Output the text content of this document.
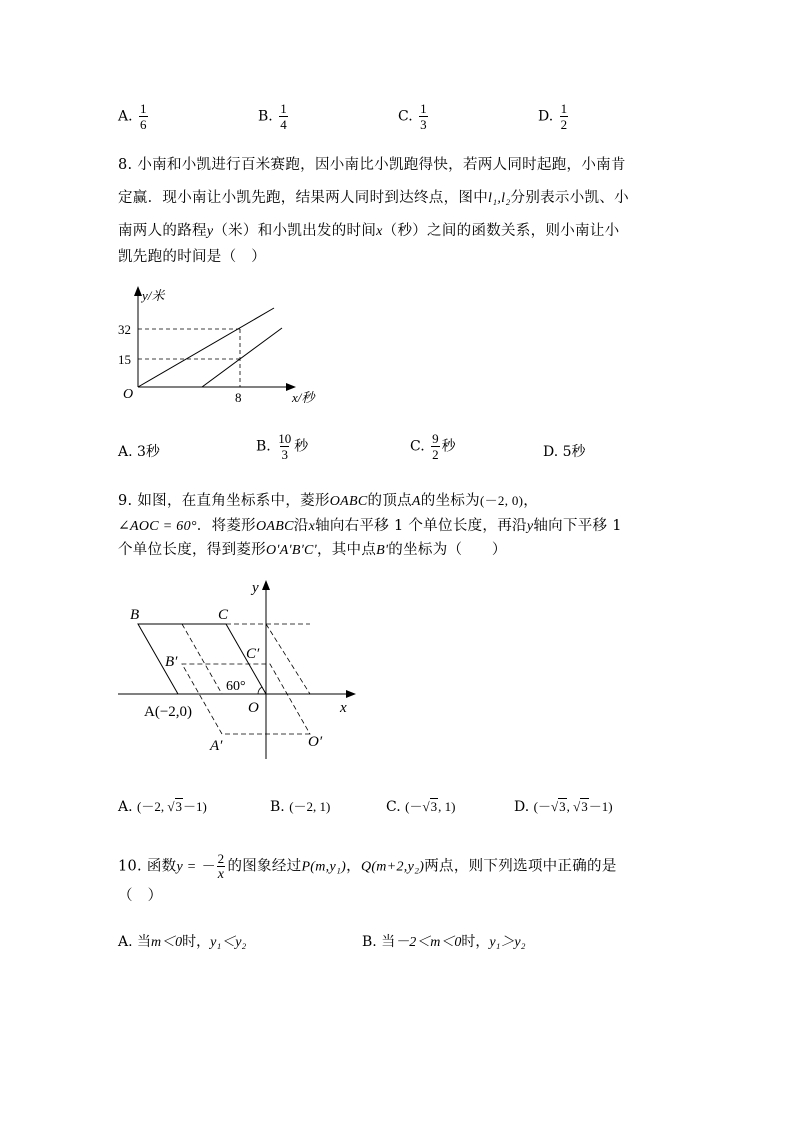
A. $\frac{1}{6}$	B. $\frac{1}{4}$	C. $\frac{1}{3}$	D. $\frac{1}{2}$
8. 小南和小凯进行百米赛跑，因小南比小凯跑得快，若两人同时起跑，小南肯
定赢．现小南让小凯先跑，结果两人同时到达终点，图中l₁,l₂分别表示小凯、小
南两人的路程y（米）和小凯出发的时间x（秒）之间的函数关系，则小南让小
凯先跑的时间是（　）
y/米
x/秒
O
32
15
8
A. 3秒	B. $\frac{10}{3}$ 秒	C. $\frac{9}{2}$ 秒	D. 5秒
9. 如图，在直角坐标系中，菱形OABC的顶点A的坐标为(－2, 0)，
∠AOC = 60°．将菱形OABC沿x轴向右平移 1 个单位长度，再沿y轴向下平移 1
个单位长度，得到菱形OʹAʹBʹCʹ，其中点Bʹ的坐标为（　　）
B	C
B′	C′
60°
A(−2,0)	O	x
y
A′	O′
A. (－2, √3－1)	B. (－2, 1)	C. (－√3, 1)	D. (－√3, √3－1)
10. 函数y = － $\frac{2}{x}$ 的图象经过P(m,y₁)，Q(m+2,y₂)两点，则下列选项中正确的是
（　）
A. 当m＜0时，y₁＜y₂	B. 当－2＜m＜0时，y₁＞y₂
